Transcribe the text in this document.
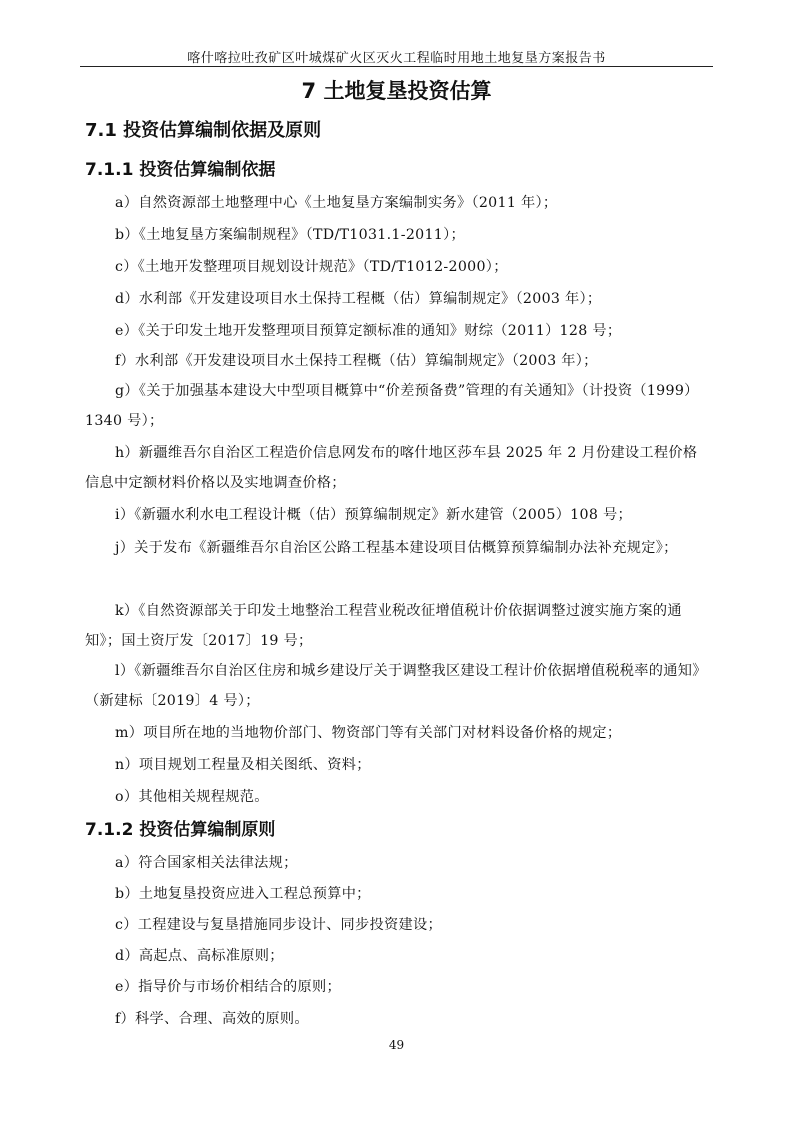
喀什喀拉吐孜矿区叶城煤矿火区灭火工程临时用地土地复垦方案报告书
7 土地复垦投资估算
7.1 投资估算编制依据及原则
7.1.1 投资估算编制依据

a）自然资源部土地整理中心《土地复垦方案编制实务》（2011 年）；

b）《土地复垦方案编制规程》（TD/T1031.1-2011）；

c）《土地开发整理项目规划设计规范》（TD/T1012-2000）；

d）水利部《开发建设项目水土保持工程概（估）算编制规定》（2003 年）；

e）《关于印发土地开发整理项目预算定额标准的通知》财综（2011）128 号；

f）水利部《开发建设项目水土保持工程概（估）算编制规定》（2003 年）；

g）《关于加强基本建设大中型项目概算中“价差预备费”管理的有关通知》（计投资（1999）1340 号）；

h）新疆维吾尔自治区工程造价信息网发布的喀什地区莎车县 2025 年 2 月份建设工程价格信息中定额材料价格以及实地调查价格；

i）《新疆水利水电工程设计概（估）预算编制规定》新水建管（2005）108 号；

j）关于发布《新疆维吾尔自治区公路工程基本建设项目估概算预算编制办法补充规定》；

k）《自然资源部关于印发土地整治工程营业税改征增值税计价依据调整过渡实施方案的通知》；国土资厅发〔2017〕19 号；

l）《新疆维吾尔自治区住房和城乡建设厅关于调整我区建设工程计价依据增值税税率的通知》（新建标〔2019〕4 号）；

m）项目所在地的当地物价部门、物资部门等有关部门对材料设备价格的规定；

n）项目规划工程量及相关图纸、资料；

o）其他相关规程规范。

7.1.2 投资估算编制原则

a）符合国家相关法律法规；

b）土地复垦投资应进入工程总预算中；

c）工程建设与复垦措施同步设计、同步投资建设；

d）高起点、高标准原则；

e）指导价与市场价相结合的原则；

f）科学、合理、高效的原则。

49
